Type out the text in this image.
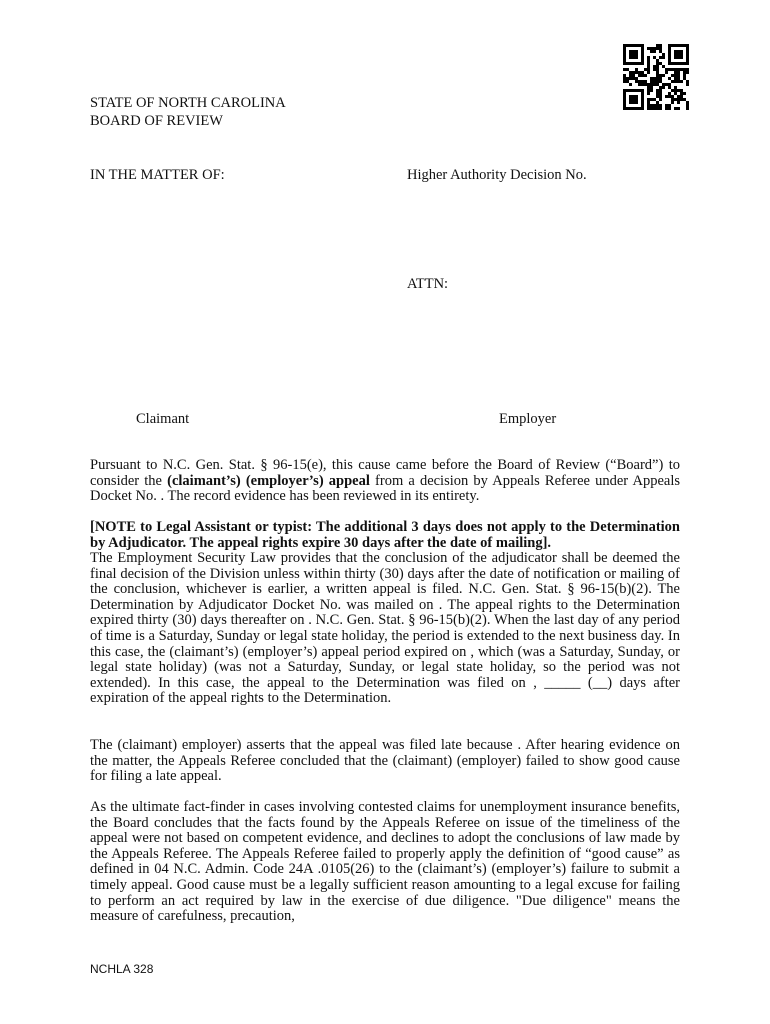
STATE OF NORTH CAROLINA
BOARD OF REVIEW
IN THE MATTER OF:	Higher Authority Decision No.
ATTN:
Claimant	Employer
Pursuant to N.C. Gen. Stat. § 96-15(e), this cause came before the Board of Review (“Board”) to consider the (claimant’s) (employer’s) appeal from a decision by Appeals Referee under Appeals Docket No. . The record evidence has been reviewed in its entirety.
[NOTE to Legal Assistant or typist: The additional 3 days does not apply to the Determination by Adjudicator. The appeal rights expire 30 days after the date of mailing].
The Employment Security Law provides that the conclusion of the adjudicator shall be deemed the final decision of the Division unless within thirty (30) days after the date of notification or mailing of the conclusion, whichever is earlier, a written appeal is filed. N.C. Gen. Stat. § 96-15(b)(2). The Determination by Adjudicator Docket No. was mailed on . The appeal rights to the Determination expired thirty (30) days thereafter on . N.C. Gen. Stat. § 96-15(b)(2). When the last day of any period of time is a Saturday, Sunday or legal state holiday, the period is extended to the next business day. In this case, the (claimant’s) (employer’s) appeal period expired on , which (was a Saturday, Sunday, or legal state holiday) (was not a Saturday, Sunday, or legal state holiday, so the period was not extended). In this case, the appeal to the Determination was filed on , _____ (__) days after expiration of the appeal rights to the Determination.
The (claimant) employer) asserts that the appeal was filed late because . After hearing evidence on the matter, the Appeals Referee concluded that the (claimant) (employer) failed to show good cause for filing a late appeal.
As the ultimate fact-finder in cases involving contested claims for unemployment insurance benefits, the Board concludes that the facts found by the Appeals Referee on issue of the timeliness of the appeal were not based on competent evidence, and declines to adopt the conclusions of law made by the Appeals Referee. The Appeals Referee failed to properly apply the definition of “good cause” as defined in 04 N.C. Admin. Code 24A .0105(26) to the (claimant’s) (employer’s) failure to submit a timely appeal. Good cause must be a legally sufficient reason amounting to a legal excuse for failing to perform an act required by law in the exercise of due diligence. "Due diligence" means the measure of carefulness, precaution,
NCHLA 328
